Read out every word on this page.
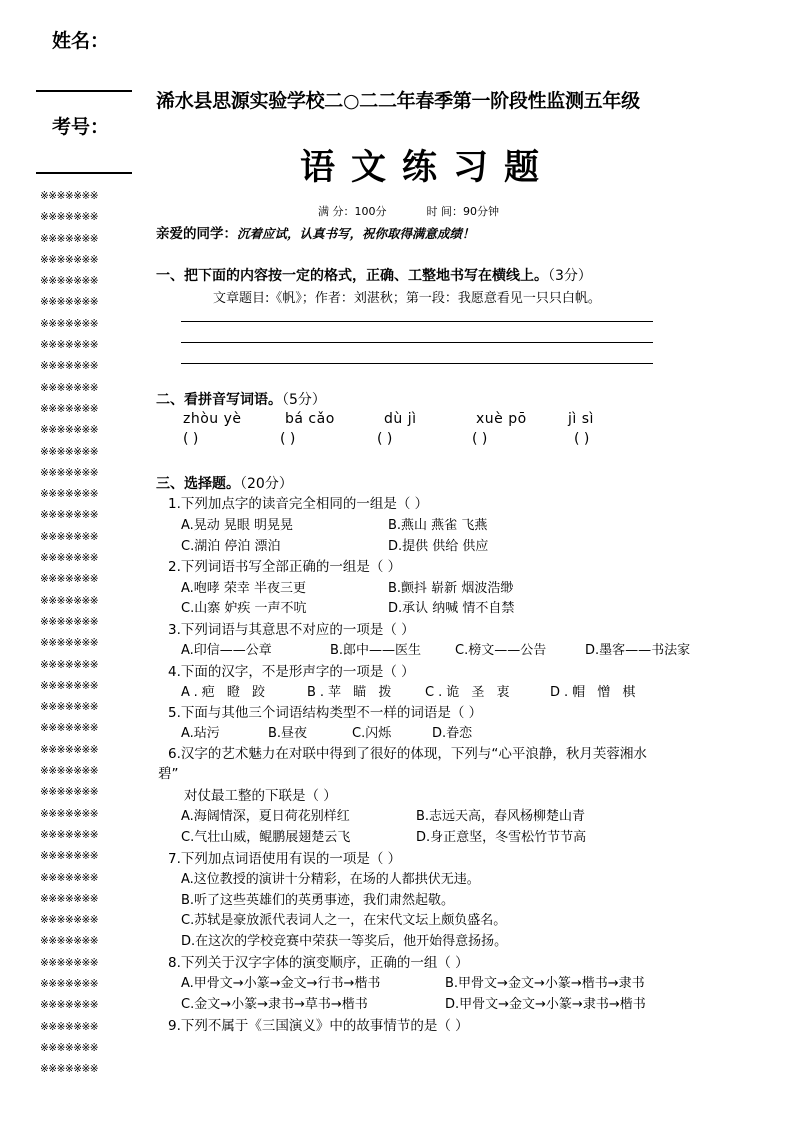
姓名：
考号：
※※※※※※※
※※※※※※※
※※※※※※※
※※※※※※※
※※※※※※※
※※※※※※※
※※※※※※※
※※※※※※※
※※※※※※※
※※※※※※※
※※※※※※※
※※※※※※※
※※※※※※※
※※※※※※※
※※※※※※※
※※※※※※※
※※※※※※※
※※※※※※※
※※※※※※※
※※※※※※※
※※※※※※※
※※※※※※※
※※※※※※※
※※※※※※※
※※※※※※※
※※※※※※※
※※※※※※※
※※※※※※※
※※※※※※※
※※※※※※※
※※※※※※※
※※※※※※※
※※※※※※※
※※※※※※※
※※※※※※※
※※※※※※※
※※※※※※※
※※※※※※※
※※※※※※※
※※※※※※※
※※※※※※※
※※※※※※※
浠水县思源实验学校二○二二年春季第一阶段性监测五年级
语文练习题
满 分：100分	时 间：90分钟
亲爱的同学：沉着应试，认真书写，祝你取得满意成绩！
一、把下面的内容按一定的格式，正确、工整地书写在横线上。（3分）
文章题目:《帆》；作者：刘湛秋；第一段：我愿意看见一只只白帆。
二、看拼音写词语。（5分）
zhòu yè	bá cǎo	dù jì	xuè pō	jì sì
( )	( )	( )	( )	( )
三、选择题。（20分）
1.下列加点字的读音完全相同的一组是（ ）
A.晃动 晃眼 明晃晃	B.燕山 燕雀 飞燕
C.湖泊 停泊 漂泊	D.提供 供给 供应
2.下列词语书写全部正确的一组是（ ）
A.咆哮 荣幸 半夜三更	B.颤抖 崭新 烟波浩缈
C.山寨 妒疾 一声不吭	D.承认 纳喊 情不自禁
3.下列词语与其意思不对应的一项是（ ）
A.印信——公章	B.郎中——医生	C.榜文——公告	D.墨客——书法家
4.下面的汉字，不是形声字的一项是（ ）
A.疤 瞪 跤	B.苹 瞄 拨 C.诡 圣 衷	D.帽 憎 棋
5.下面与其他三个词语结构类型不一样的词语是（ ）
A.玷污	B.昼夜	C.闪烁	D.眷恋
6.汉字的艺术魅力在对联中得到了很好的体现，下列与“心平浪静，秋月芙蓉湘水
碧”
对仗最工整的下联是（ ）
A.海阔情深，夏日荷花别样红	B.志远天高，春风杨柳楚山青
C.气壮山威，鲲鹏展翅楚云飞	D.身正意坚，冬雪松竹节节高
7.下列加点词语使用有误的一项是（ ）
A.这位教授的演讲十分精彩，在场的人都拱伏无违。
B.听了这些英雄们的英勇事迹，我们肃然起敬。
C.苏轼是豪放派代表词人之一，在宋代文坛上颇负盛名。
D.在这次的学校竞赛中荣获一等奖后，他开始得意扬扬。
8.下列关于汉字字体的演变顺序，正确的一组（ ）
A.甲骨文→小篆→金文→行书→楷书	B.甲骨文→金文→小篆→楷书→隶书
C.金文→小篆→隶书→草书→楷书	D.甲骨文→金文→小篆→隶书→楷书
9.下列不属于《三国演义》中的故事情节的是（ ）
